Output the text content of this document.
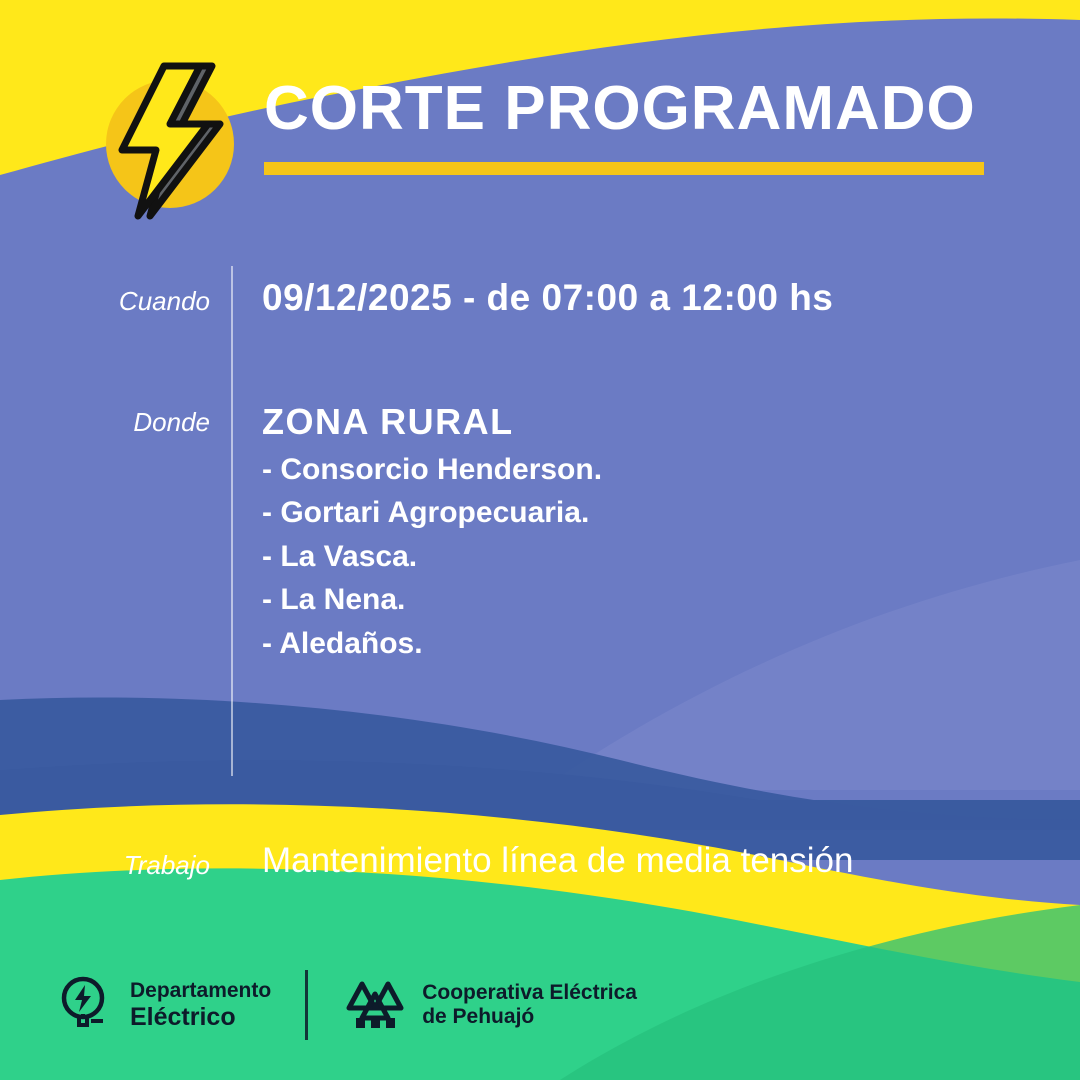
CORTE PROGRAMADO
Cuando 09/12/2025 - de 07:00 a 12:00 hs
Donde ZONA RURAL
- Consorcio Henderson.
- Gortari Agropecuaria.
- La Vasca.
- La Nena.
- Aledaños.
Trabajo Mantenimiento línea de media tensión
Departamento
Eléctrico
Cooperativa Eléctrica
de Pehuajó
